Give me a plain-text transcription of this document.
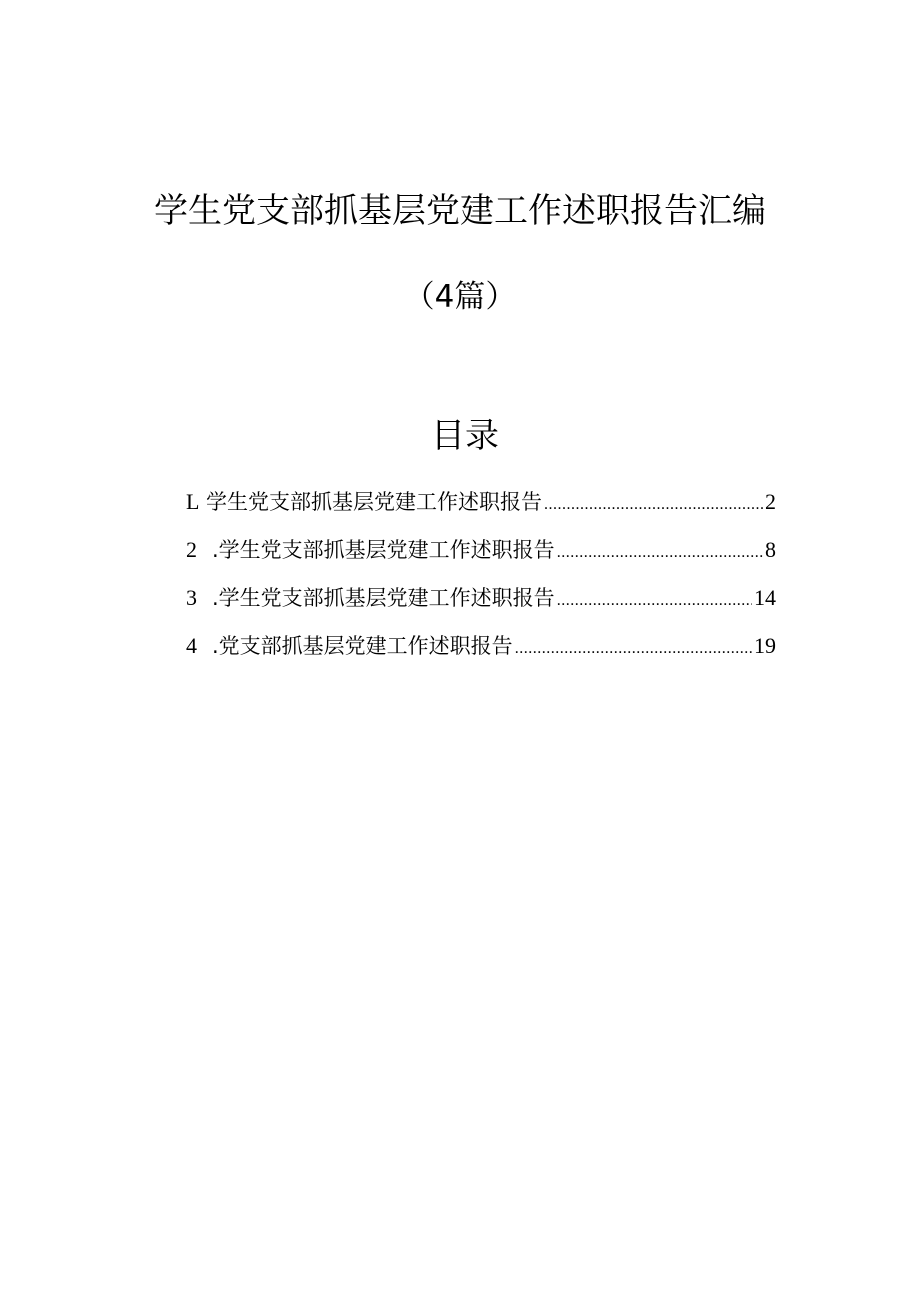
学生党支部抓基层党建工作述职报告汇编
（4篇）
目录
L 学生党支部抓基层党建工作述职报告 .....	2
2 .学生党支部抓基层党建工作述职报告 .....	8
3 .学生党支部抓基层党建工作述职报告 .....	14
4 .党支部抓基层党建工作述职报告 .....	19
